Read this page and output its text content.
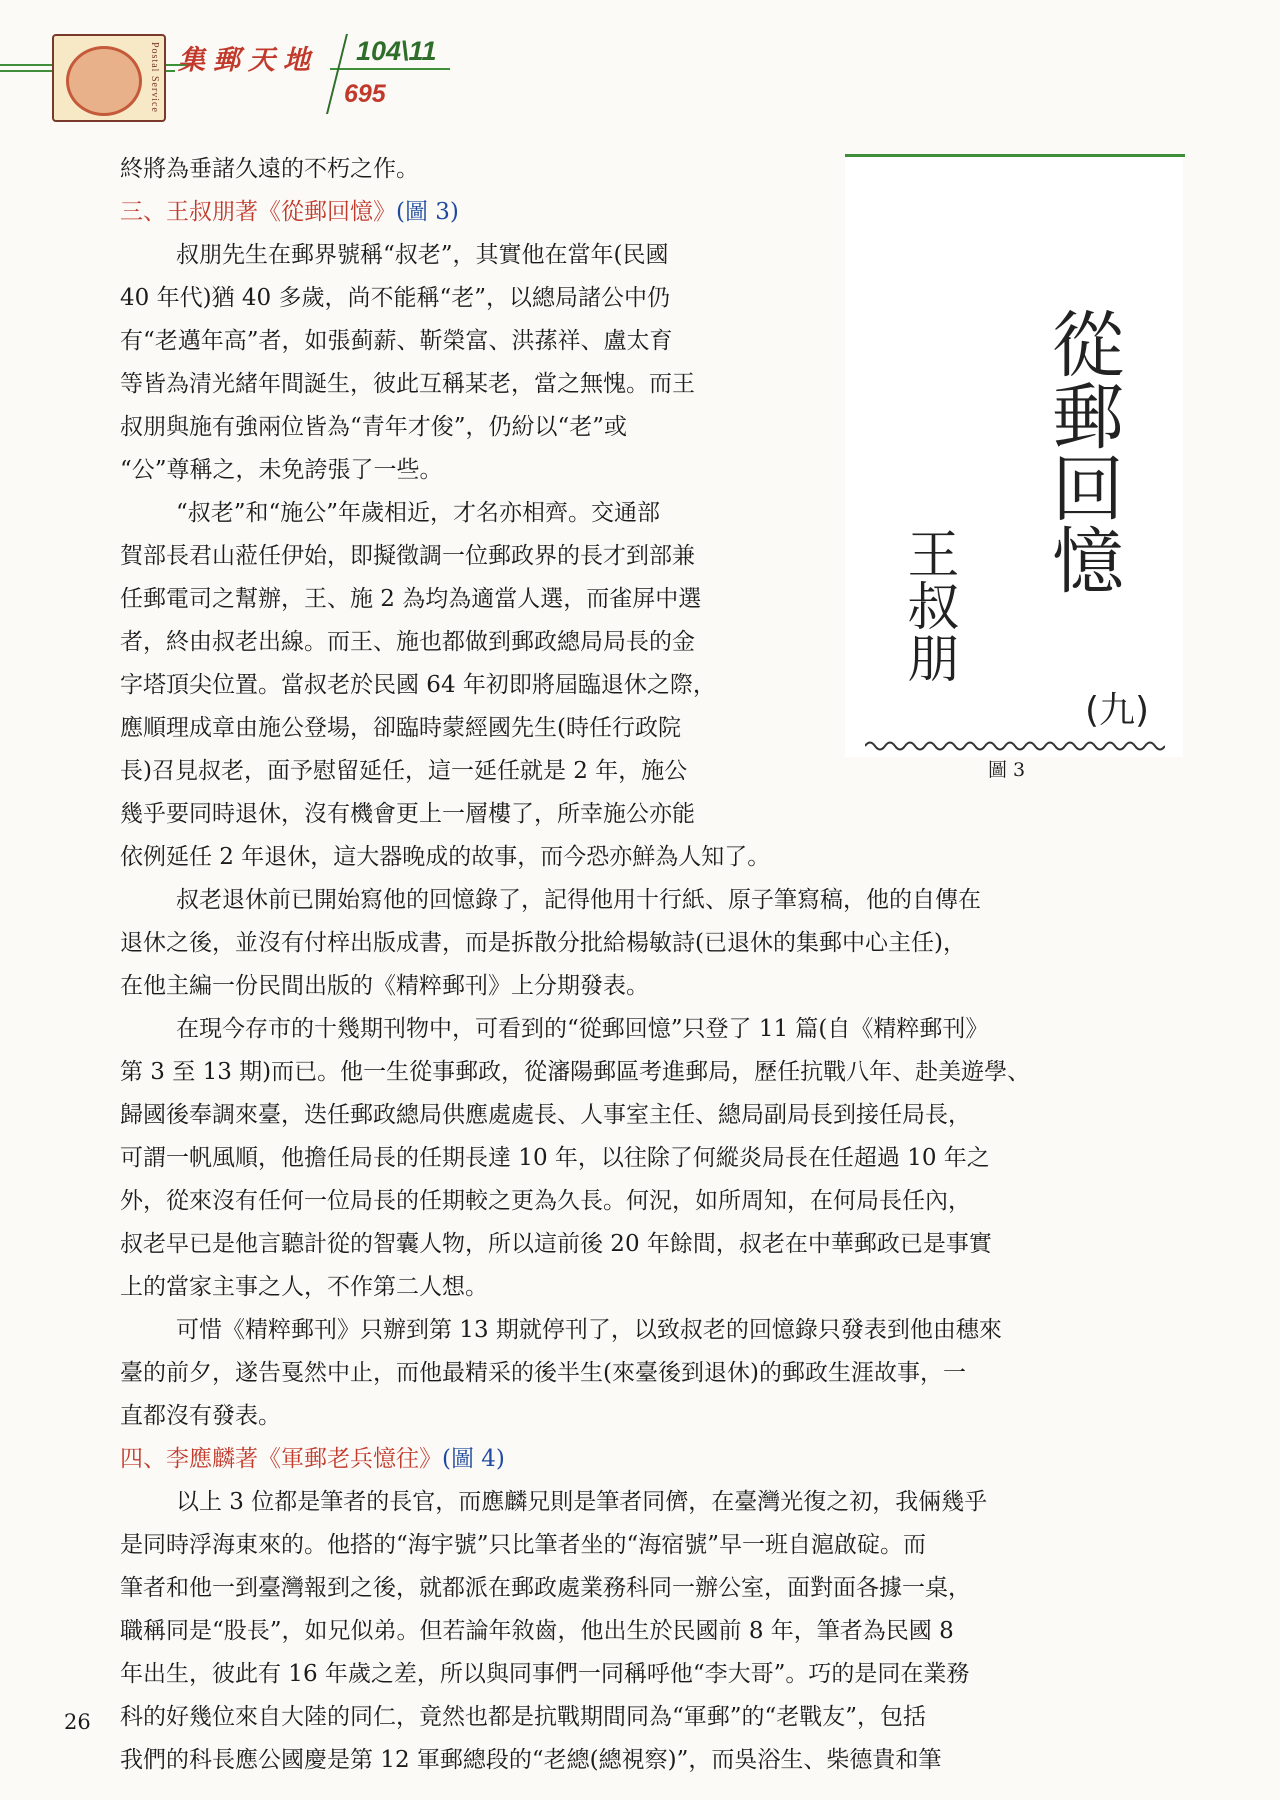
Postal Service 集郵天地 104\11
695
終將為垂諸久遠的不朽之作。
三、王叔朋著《從郵回憶》(圖 3)
叔朋先生在郵界號稱“叔老”，其實他在當年(民國
40 年代)猶 40 多歲，尚不能稱“老”，以總局諸公中仍
有“老邁年高”者，如張蓟薪、靳榮富、洪蓀祥、盧太育
等皆為清光緒年間誕生，彼此互稱某老，當之無愧。而王
叔朋與施有強兩位皆為“青年才俊”，仍紛以“老”或
“公”尊稱之，未免誇張了一些。
“叔老”和“施公”年歲相近，才名亦相齊。交通部
賀部長君山蒞任伊始，即擬徵調一位郵政界的長才到部兼
任郵電司之幫辦，王、施 2 為均為適當人選，而雀屏中選
者，終由叔老出線。而王、施也都做到郵政總局局長的金
字塔頂尖位置。當叔老於民國 64 年初即將屆臨退休之際，
應順理成章由施公登場，卻臨時蒙經國先生(時任行政院
長)召見叔老，面予慰留延任，這一延任就是 2 年，施公
幾乎要同時退休，沒有機會更上一層樓了，所幸施公亦能
依例延任 2 年退休，這大器晚成的故事，而今恐亦鮮為人知了。
叔老退休前已開始寫他的回憶錄了，記得他用十行紙、原子筆寫稿，他的自傳在
退休之後，並沒有付梓出版成書，而是拆散分批給楊敏詩(已退休的集郵中心主任)，
在他主編一份民間出版的《精粹郵刊》上分期發表。
在現今存市的十幾期刊物中，可看到的“從郵回憶”只登了 11 篇(自《精粹郵刊》
第 3 至 13 期)而已。他一生從事郵政，從瀋陽郵區考進郵局，歷任抗戰八年、赴美遊學、
歸國後奉調來臺，迭任郵政總局供應處處長、人事室主任、總局副局長到接任局長，
可謂一帆風順，他擔任局長的任期長達 10 年，以往除了何縱炎局長在任超過 10 年之
外，從來沒有任何一位局長的任期較之更為久長。何況，如所周知，在何局長任內，
叔老早已是他言聽計從的智囊人物，所以這前後 20 年餘間，叔老在中華郵政已是事實
上的當家主事之人，不作第二人想。
可惜《精粹郵刊》只辦到第 13 期就停刊了，以致叔老的回憶錄只發表到他由穗來
臺的前夕，遂告戛然中止，而他最精采的後半生(來臺後到退休)的郵政生涯故事，一
直都沒有發表。
四、李應麟著《軍郵老兵憶往》(圖 4)
以上 3 位都是筆者的長官，而應麟兄則是筆者同儕，在臺灣光復之初，我倆幾乎
是同時浮海東來的。他搭的“海宇號”只比筆者坐的“海宿號”早一班自滬啟碇。而
筆者和他一到臺灣報到之後，就都派在郵政處業務科同一辦公室，面對面各據一桌，
職稱同是“股長”，如兄似弟。但若論年敘齒，他出生於民國前 8 年，筆者為民國 8
年出生，彼此有 16 年歲之差，所以與同事們一同稱呼他“李大哥”。巧的是同在業務
科的好幾位來自大陸的同仁，竟然也都是抗戰期間同為“軍郵”的“老戰友”，包括
我們的科長應公國慶是第 12 軍郵總段的“老總(總視察)”，而吳浴生、柴德貴和筆
從郵回憶
王叔朋
(九)
圖 3
26
